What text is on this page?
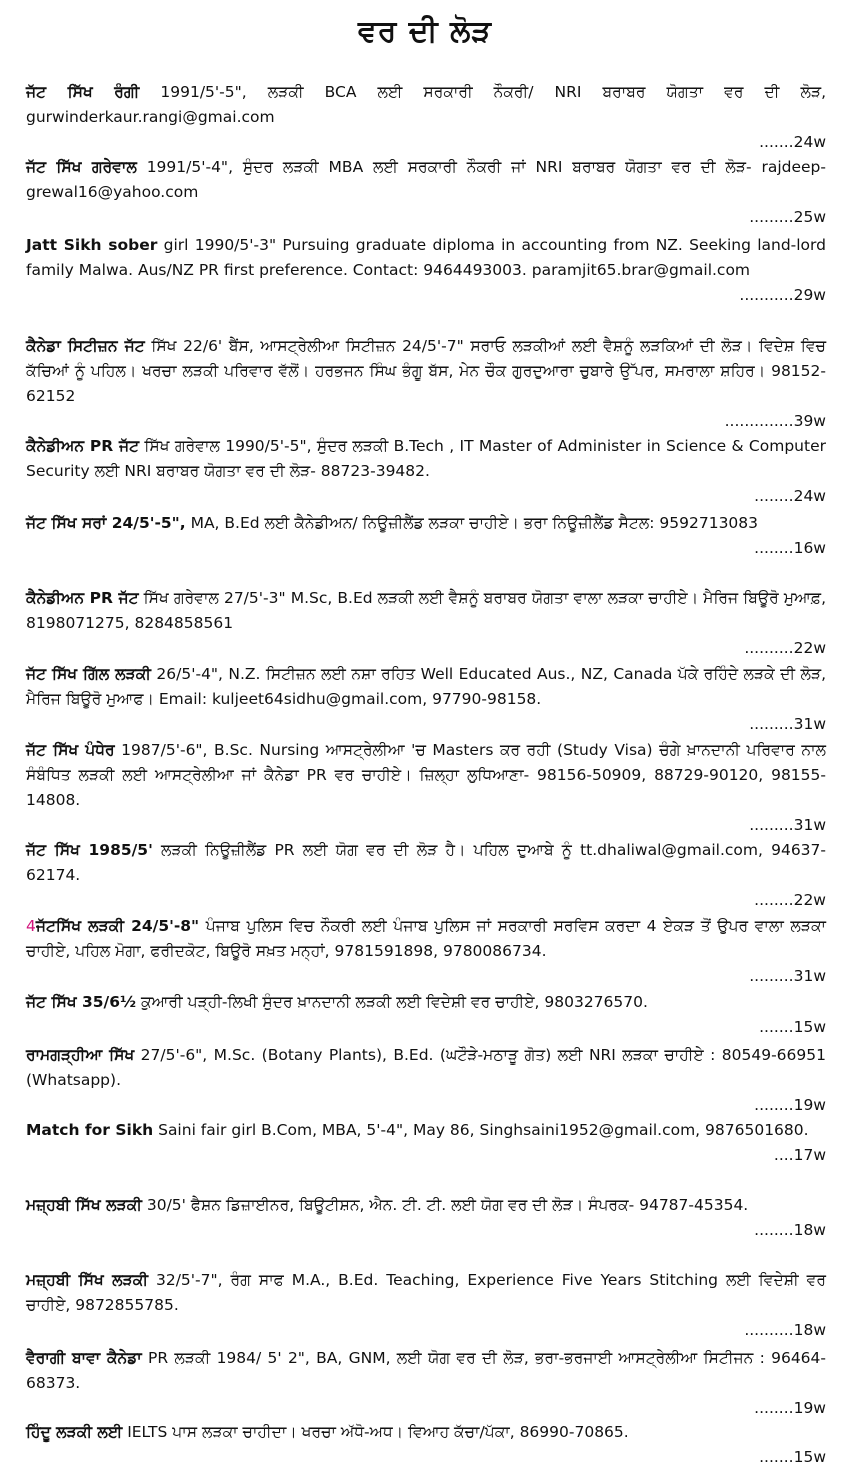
ਵਰ ਦੀ ਲੋੜ

ਜੱਟ ਸਿੱਖ ਰੰਗੀ 1991/5'-5", ਲੜਕੀ BCA ਲਈ ਸਰਕਾਰੀ ਨੌਕਰੀ/ NRI ਬਰਾਬਰ ਯੋਗਤਾ ਵਰ ਦੀ ਲੋੜ, gurwinderkaur.rangi@gmai.com

.......24w

ਜੱਟ ਸਿੱਖ ਗਰੇਵਾਲ 1991/5'-4", ਸੁੰਦਰ ਲੜਕੀ MBA ਲਈ ਸਰਕਾਰੀ ਨੌਕਰੀ ਜਾਂ NRI ਬਰਾਬਰ ਯੋਗਤਾ ਵਰ ਦੀ ਲੋੜ- rajdeep-grewal16@yahoo.com

.........25w

Jatt Sikh sober girl 1990/5'-3" Pursuing graduate diploma in accounting from NZ. Seeking land-lord family Malwa. Aus/NZ PR first preference. Contact: 9464493003. paramjit65.brar@gmail.com

...........29w

ਕੈਨੇਡਾ ਸਿਟੀਜ਼ਨ ਜੱਟ ਸਿੱਖ 22/6' ਬੈਂਸ, ਆਸਟ੍ਰੇਲੀਆ ਸਿਟੀਜ਼ਨ 24/5'-7" ਸਰਾਓ ਲੜਕੀਆਂ ਲਈ ਵੈਸ਼ਨੂੰ ਲੜਕਿਆਂ ਦੀ ਲੋੜ। ਵਿਦੇਸ਼ ਵਿਚ ਕੱਚਿਆਂ ਨੂੰ ਪਹਿਲ। ਖਰਚਾ ਲੜਕੀ ਪਰਿਵਾਰ ਵੱਲੋਂ। ਹਰਭਜਨ ਸਿੰਘ ਭੰਗੂ ਬੱਸ, ਮੇਨ ਚੌਕ ਗੁਰਦੁਆਰਾ ਚੁਬਾਰੇ ਉੱਪਰ, ਸਮਰਾਲਾ ਸ਼ਹਿਰ। 98152-62152

..............39w

ਕੈਨੇਡੀਅਨ PR ਜੱਟ ਸਿੱਖ ਗਰੇਵਾਲ 1990/5'-5", ਸੁੰਦਰ ਲੜਕੀ B.Tech , IT Master of Administer in Science & Computer Security ਲਈ NRI ਬਰਾਬਰ ਯੋਗਤਾ ਵਰ ਦੀ ਲੋੜ- 88723-39482.

........24w

ਜੱਟ ਸਿੱਖ ਸਰਾਂ 24/5'-5", MA, B.Ed ਲਈ ਕੈਨੇਡੀਅਨ/ ਨਿਊਜ਼ੀਲੈਂਡ ਲੜਕਾ ਚਾਹੀਏ। ਭਰਾ ਨਿਊਜ਼ੀਲੈਂਡ ਸੈਟਲ: 9592713083

........16w

ਕੈਨੇਡੀਅਨ PR ਜੱਟ ਸਿੱਖ ਗਰੇਵਾਲ 27/5'-3" M.Sc, B.Ed ਲੜਕੀ ਲਈ ਵੈਸ਼ਨੂੰ ਬਰਾਬਰ ਯੋਗਤਾ ਵਾਲਾ ਲੜਕਾ ਚਾਹੀਏ। ਮੈਰਿਜ ਬਿਊਰੋ ਮੁਆਫ਼, 8198071275, 8284858561

..........22w

ਜੱਟ ਸਿੱਖ ਗਿੱਲ ਲੜਕੀ 26/5'-4", N.Z. ਸਿਟੀਜ਼ਨ ਲਈ ਨਸ਼ਾ ਰਹਿਤ Well Educated Aus., NZ, Canada ਪੱਕੇ ਰਹਿੰਦੇ ਲੜਕੇ ਦੀ ਲੋੜ, ਮੈਰਿਜ ਬਿਊਰੋ ਮੁਆਫ। Email: kuljeet64sidhu@gmail.com, 97790-98158.

.........31w

ਜੱਟ ਸਿੱਖ ਪੰਧੇਰ 1987/5'-6", B.Sc. Nursing ਆਸਟ੍ਰੇਲੀਆ 'ਚ Masters ਕਰ ਰਹੀ (Study Visa) ਚੰਗੇ ਖ਼ਾਨਦਾਨੀ ਪਰਿਵਾਰ ਨਾਲ ਸੰਬੰਧਿਤ ਲੜਕੀ ਲਈ ਆਸਟ੍ਰੇਲੀਆ ਜਾਂ ਕੈਨੇਡਾ PR ਵਰ ਚਾਹੀਏ। ਜ਼ਿਲ੍ਹਾ ਲੁਧਿਆਣਾ- 98156-50909, 88729-90120, 98155-14808.

.........31w

ਜੱਟ ਸਿੱਖ 1985/5' ਲੜਕੀ ਨਿਊਜ਼ੀਲੈਂਡ PR ਲਈ ਯੋਗ ਵਰ ਦੀ ਲੋੜ ਹੈ। ਪਹਿਲ ਦੁਆਬੇ ਨੂੰ tt.dhaliwal@gmail.com, 94637-62174.

........22w

4ਜੱਟਸਿੱਖ ਲੜਕੀ 24/5'-8" ਪੰਜਾਬ ਪੁਲਿਸ ਵਿਚ ਨੌਕਰੀ ਲਈ ਪੰਜਾਬ ਪੁਲਿਸ ਜਾਂ ਸਰਕਾਰੀ ਸਰਵਿਸ ਕਰਦਾ 4 ਏਕੜ ਤੋਂ ਉਪਰ ਵਾਲਾ ਲੜਕਾ ਚਾਹੀਏ, ਪਹਿਲ ਮੋਗਾ, ਫਰੀਦਕੋਟ, ਬਿਊਰੋ ਸਖ਼ਤ ਮਨ੍ਹਾਂ, 9781591898, 9780086734.

.........31w

ਜੱਟ ਸਿੱਖ 35/6½ ਕੁਆਰੀ ਪੜ੍ਹੀ-ਲਿਖੀ ਸੁੰਦਰ ਖ਼ਾਨਦਾਨੀ ਲੜਕੀ ਲਈ ਵਿਦੇਸ਼ੀ ਵਰ ਚਾਹੀਏ, 9803276570.

.......15w

ਰਾਮਗੜ੍ਹੀਆ ਸਿੱਖ 27/5'-6", M.Sc. (Botany Plants), B.Ed. (ਘਟੌੜੇ-ਮਠਾੜੂ ਗੋਤ) ਲਈ NRI ਲੜਕਾ ਚਾਹੀਏ : 80549-66951 (Whatsapp).

........19w

Match for Sikh Saini fair girl B.Com, MBA, 5'-4", May 86, Singhsaini1952@gmail.com, 9876501680.

....17w

ਮਜ਼੍ਹਬੀ ਸਿੱਖ ਲੜਕੀ 30/5' ਫੈਸ਼ਨ ਡਿਜ਼ਾਈਨਰ, ਬਿਊਟੀਸ਼ਨ, ਐਨ. ਟੀ. ਟੀ. ਲਈ ਯੋਗ ਵਰ ਦੀ ਲੋੜ। ਸੰਪਰਕ- 94787-45354.

........18w

ਮਜ਼੍ਹਬੀ ਸਿੱਖ ਲੜਕੀ 32/5'-7", ਰੰਗ ਸਾਫ M.A., B.Ed. Teaching, Experience Five Years Stitching ਲਈ ਵਿਦੇਸ਼ੀ ਵਰ ਚਾਹੀਏ, 9872855785.

..........18w

ਵੈਰਾਗੀ ਬਾਵਾ ਕੈਨੇਡਾ PR ਲੜਕੀ 1984/ 5' 2", BA, GNM, ਲਈ ਯੋਗ ਵਰ ਦੀ ਲੋੜ, ਭਰਾ-ਭਰਜਾਈ ਆਸਟ੍ਰੇਲੀਆ ਸਿਟੀਜਨ : 96464-68373.

........19w

ਹਿੰਦੂ ਲੜਕੀ ਲਈ IELTS ਪਾਸ ਲੜਕਾ ਚਾਹੀਦਾ। ਖਰਚਾ ਅੱਧੋ-ਅਧ। ਵਿਆਹ ਕੱਚਾ/ਪੱਕਾ, 86990-70865.

.......15w
